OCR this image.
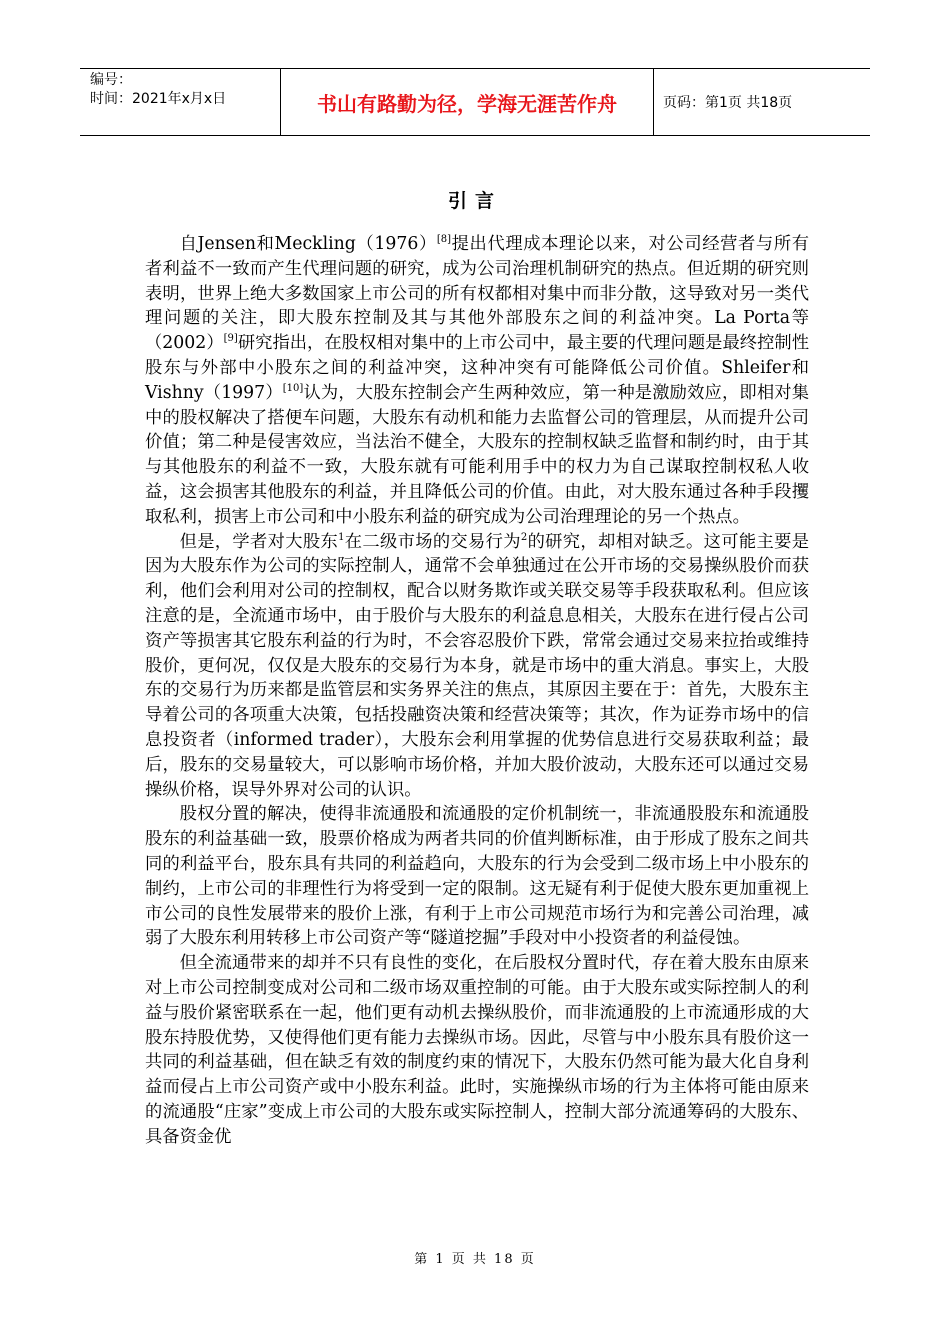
编号：
时间：2021年x月x日	书山有路勤为径，学海无涯苦作舟	页码：第1页 共18页
引言

自Jensen和Meckling（1976）[8]提出代理成本理论以来，对公司经营者与所有者利益不一致而产生代理问题的研究，成为公司治理机制研究的热点。但近期的研究则表明，世界上绝大多数国家上市公司的所有权都相对集中而非分散，这导致对另一类代理问题的关注，即大股东控制及其与其他外部股东之间的利益冲突。La Porta等（2002）[9]研究指出，在股权相对集中的上市公司中，最主要的代理问题是最终控制性股东与外部中小股东之间的利益冲突，这种冲突有可能降低公司价值。Shleifer和Vishny（1997）[10]认为，大股东控制会产生两种效应，第一种是激励效应，即相对集中的股权解决了搭便车问题，大股东有动机和能力去监督公司的管理层，从而提升公司价值；第二种是侵害效应，当法治不健全，大股东的控制权缺乏监督和制约时，由于其与其他股东的利益不一致，大股东就有可能利用手中的权力为自己谋取控制权私人收益，这会损害其他股东的利益，并且降低公司的价值。由此，对大股东通过各种手段攫取私利，损害上市公司和中小股东利益的研究成为公司治理理论的另一个热点。

但是，学者对大股东$^1$在二级市场的交易行为$^2$的研究，却相对缺乏。这可能主要是因为大股东作为公司的实际控制人，通常不会单独通过在公开市场的交易操纵股价而获利，他们会利用对公司的控制权，配合以财务欺诈或关联交易等手段获取私利。但应该注意的是，全流通市场中，由于股价与大股东的利益息息相关，大股东在进行侵占公司资产等损害其它股东利益的行为时，不会容忍股价下跌，常常会通过交易来拉抬或维持股价，更何况，仅仅是大股东的交易行为本身，就是市场中的重大消息。事实上，大股东的交易行为历来都是监管层和实务界关注的焦点，其原因主要在于：首先，大股东主导着公司的各项重大决策，包括投融资决策和经营决策等；其次，作为证券市场中的信息投资者（informed trader），大股东会利用掌握的优势信息进行交易获取利益；最后，股东的交易量较大，可以影响市场价格，并加大股价波动，大股东还可以通过交易操纵价格，误导外界对公司的认识。

股权分置的解决，使得非流通股和流通股的定价机制统一，非流通股股东和流通股股东的利益基础一致，股票价格成为两者共同的价值判断标准，由于形成了股东之间共同的利益平台，股东具有共同的利益趋向，大股东的行为会受到二级市场上中小股东的制约，上市公司的非理性行为将受到一定的限制。这无疑有利于促使大股东更加重视上市公司的良性发展带来的股价上涨，有利于上市公司规范市场行为和完善公司治理，减弱了大股东利用转移上市公司资产等“隧道挖掘”手段对中小投资者的利益侵蚀。

但全流通带来的却并不只有良性的变化，在后股权分置时代，存在着大股东由原来对上市公司控制变成对公司和二级市场双重控制的可能。由于大股东或实际控制人的利益与股价紧密联系在一起，他们更有动机去操纵股价，而非流通股的上市流通形成的大股东持股优势，又使得他们更有能力去操纵市场。因此，尽管与中小股东具有股价这一共同的利益基础，但在缺乏有效的制度约束的情况下，大股东仍然可能为最大化自身利益而侵占上市公司资产或中小股东利益。此时，实施操纵市场的行为主体将可能由原来的流通股“庄家”变成上市公司的大股东或实际控制人，控制大部分流通筹码的大股东、具备资金优

第 1 页 共 18 页
